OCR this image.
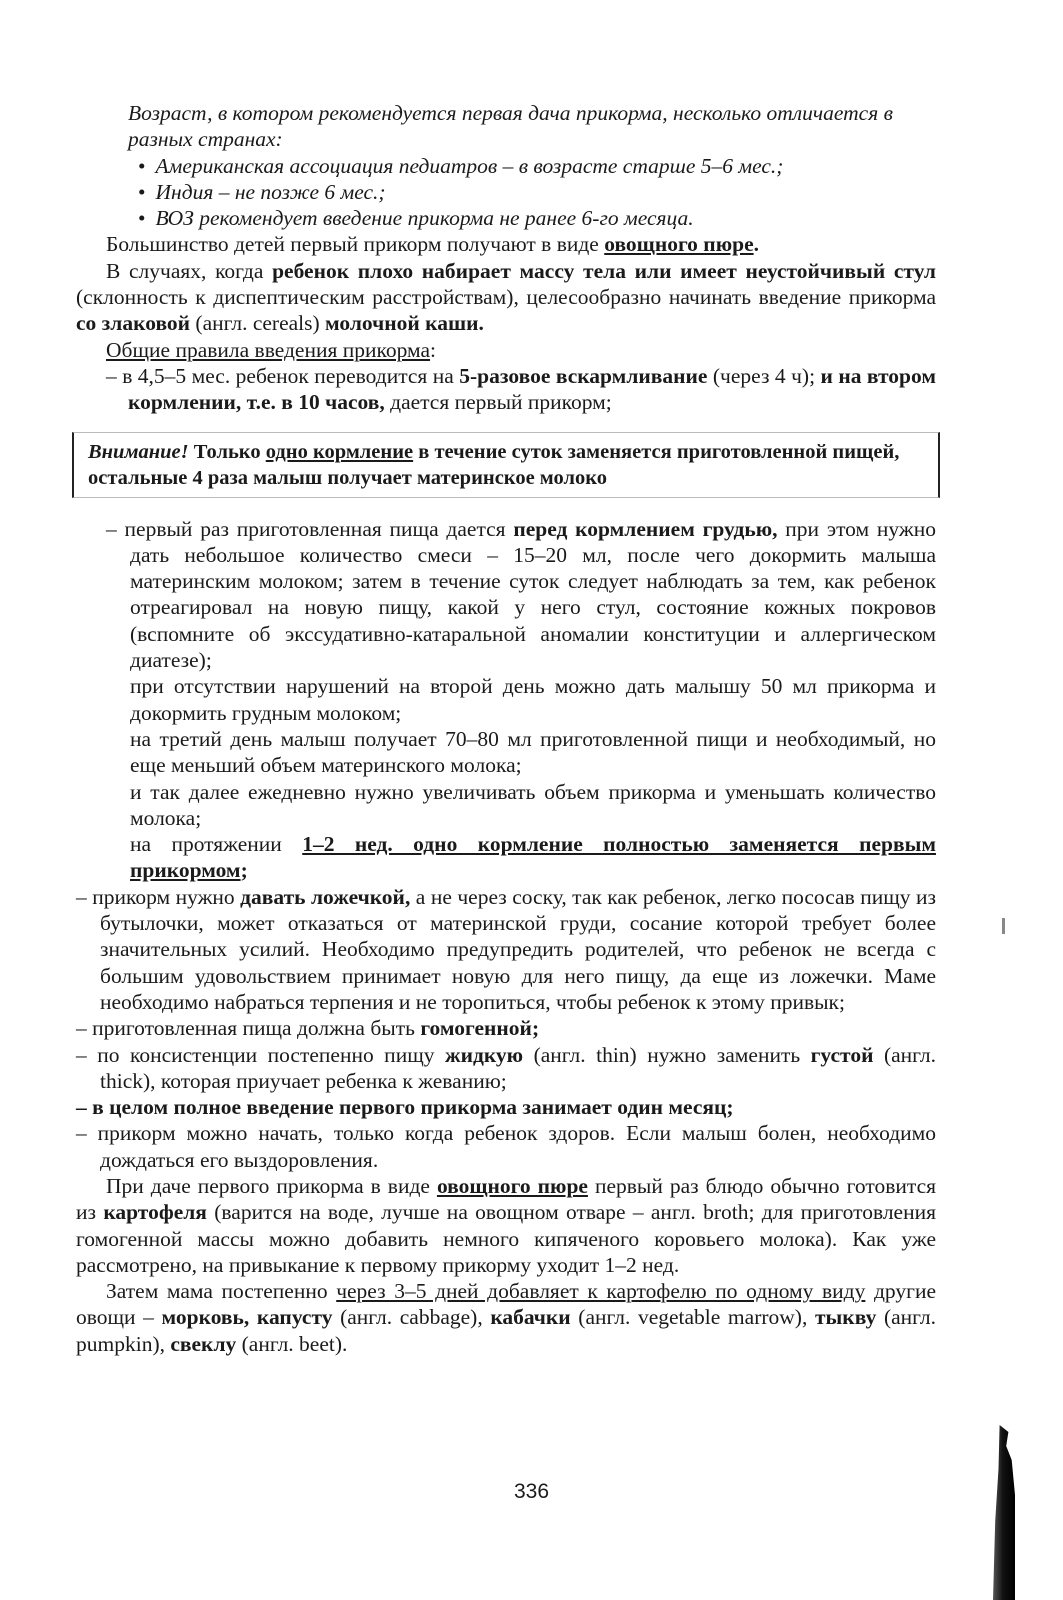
Возраст, в котором рекомендуется первая дача прикорма, несколько отличается в разных странах:
• Американская ассоциация педиатров – в возрасте старше 5–6 мес.;
• Индия – не позже 6 мес.;
• ВОЗ рекомендует введение прикорма не ранее 6-го месяца.
Большинство детей первый прикорм получают в виде овощного пюре.
В случаях, когда ребенок плохо набирает массу тела или имеет неустойчивый стул (склонность к диспептическим расстройствам), целесообразно начинать введение прикорма со злаковой (англ. cereals) молочной каши.
Общие правила введения прикорма:
– в 4,5–5 мес. ребенок переводится на 5-разовое вскармливание (через 4 ч); и на втором кормлении, т.е. в 10 часов, дается первый прикорм;
Внимание! Только одно кормление в течение суток заменяется приготовленной пищей, остальные 4 раза малыш получает материнское молоко
– первый раз приготовленная пища дается перед кормлением грудью, при этом нужно дать небольшое количество смеси – 15–20 мл, после чего докормить малыша материнским молоком; затем в течение суток следует наблюдать за тем, как ребенок отреагировал на новую пищу, какой у него стул, состояние кожных покровов (вспомните об экссудативно-катаральной аномалии конституции и аллергическом диатезе);
при отсутствии нарушений на второй день можно дать малышу 50 мл прикорма и докормить грудным молоком;
на третий день малыш получает 70–80 мл приготовленной пищи и необходимый, но еще меньший объем материнского молока;
и так далее ежедневно нужно увеличивать объем прикорма и уменьшать количество молока;
на протяжении 1–2 нед. одно кормление полностью заменяется первым прикормом;
– прикорм нужно давать ложечкой, а не через соску, так как ребенок, легко пососав пищу из бутылочки, может отказаться от материнской груди, сосание которой требует более значительных усилий. Необходимо предупредить родителей, что ребенок не всегда с большим удовольствием принимает новую для него пищу, да еще из ложечки. Маме необходимо набраться терпения и не торопиться, чтобы ребенок к этому привык;
– приготовленная пища должна быть гомогенной;
– по консистенции постепенно пищу жидкую (англ. thin) нужно заменить густой (англ. thick), которая приучает ребенка к жеванию;
– в целом полное введение первого прикорма занимает один месяц;
– прикорм можно начать, только когда ребенок здоров. Если малыш болен, необходимо дождаться его выздоровления.
При даче первого прикорма в виде овощного пюре первый раз блюдо обычно готовится из картофеля (варится на воде, лучше на овощном отваре – англ. broth; для приготовления гомогенной массы можно добавить немного кипяченого коровьего молока). Как уже рассмотрено, на привыкание к первому прикорму уходит 1–2 нед.
Затем мама постепенно через 3–5 дней добавляет к картофелю по одному виду другие овощи – морковь, капусту (англ. cabbage), кабачки (англ. vegetable marrow), тыкву (англ. pumpkin), свеклу (англ. beet).
336
